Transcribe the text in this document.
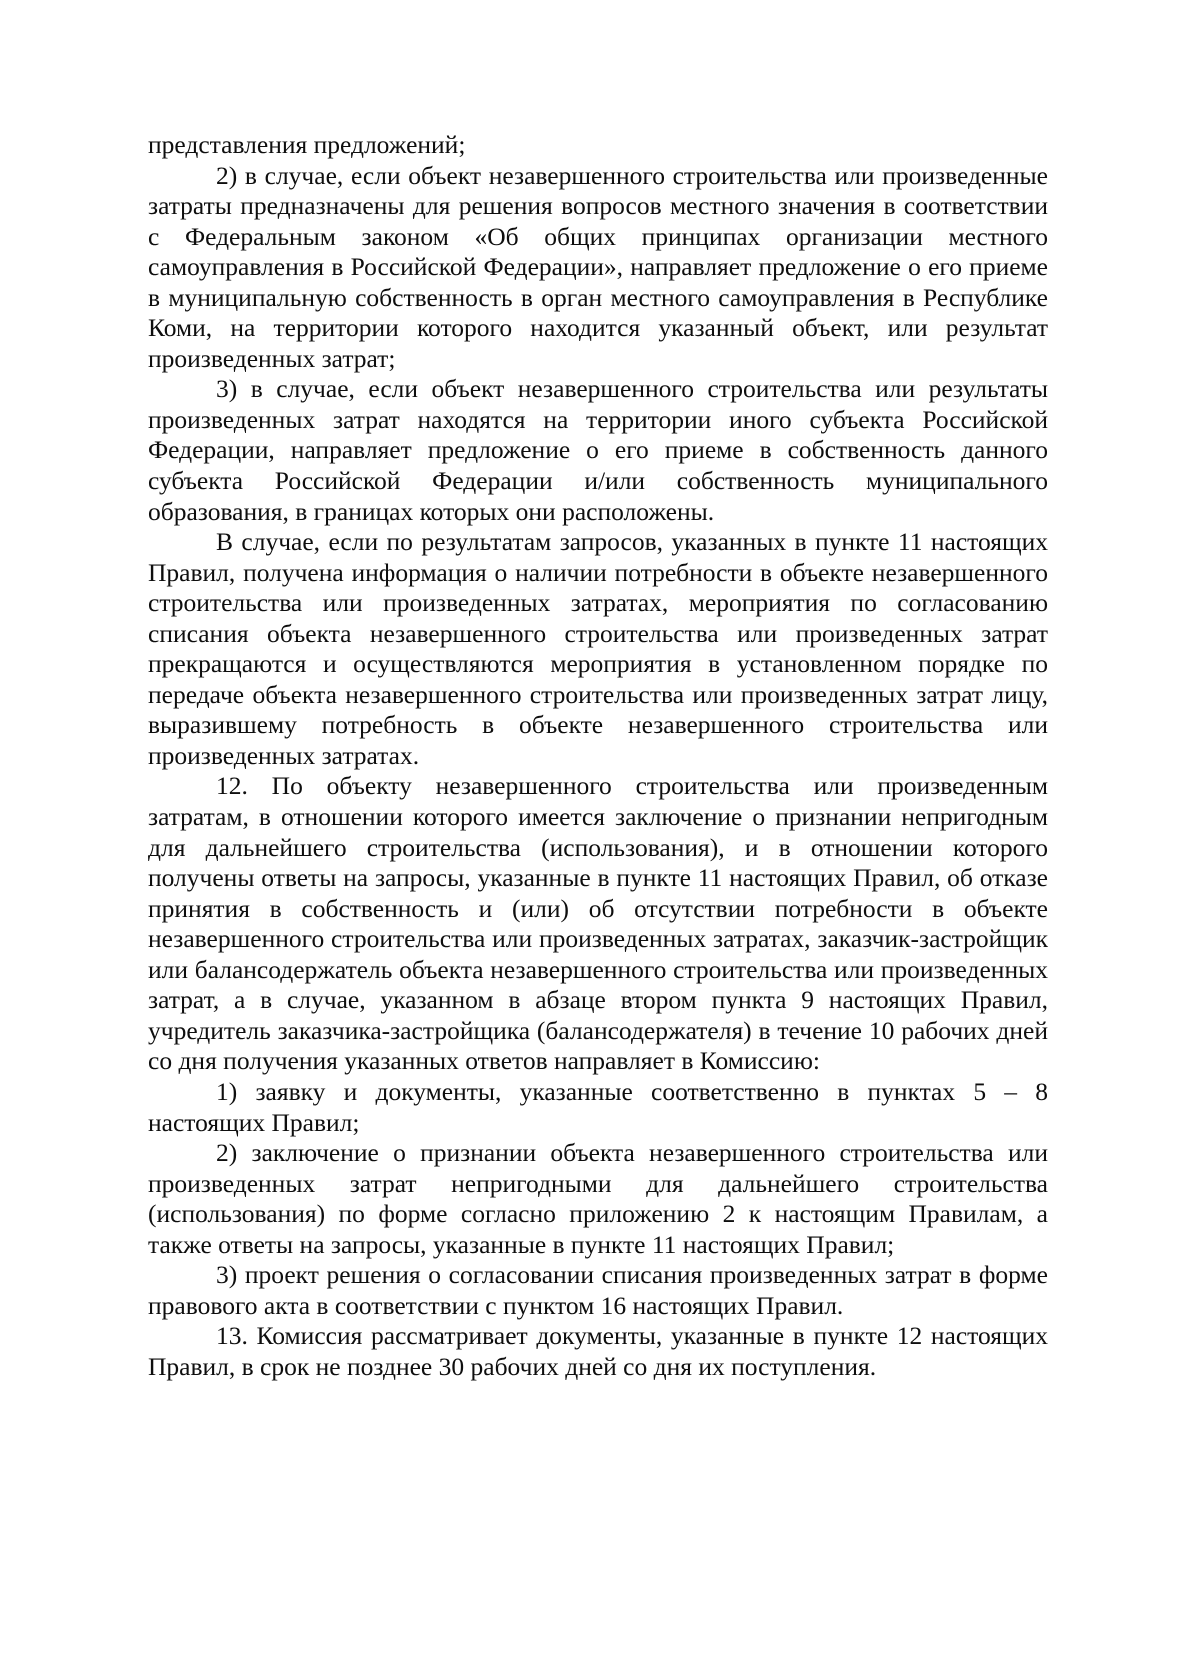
представления предложений;

2) в случае, если объект незавершенного строительства или произведенные затраты предназначены для решения вопросов местного значения в соответствии с Федеральным законом «Об общих принципах организации местного самоуправления в Российской Федерации», направляет предложение о его приеме в муниципальную собственность в орган местного самоуправления в Республике Коми, на территории которого находится указанный объект, или результат произведенных затрат;

3) в случае, если объект незавершенного строительства или результаты произведенных затрат находятся на территории иного субъекта Российской Федерации, направляет предложение о его приеме в собственность данного субъекта Российской Федерации и/или собственность муниципального образования, в границах которых они расположены.

В случае, если по результатам запросов, указанных в пункте 11 настоящих Правил, получена информация о наличии потребности в объекте незавершенного строительства или произведенных затратах, мероприятия по согласованию списания объекта незавершенного строительства или произведенных затрат прекращаются и осуществляются мероприятия в установленном порядке по передаче объекта незавершенного строительства или произведенных затрат лицу, выразившему потребность в объекте незавершенного строительства или произведенных затратах.

12. По объекту незавершенного строительства или произведенным затратам, в отношении которого имеется заключение о признании непригодным для дальнейшего строительства (использования), и в отношении которого получены ответы на запросы, указанные в пункте 11 настоящих Правил, об отказе принятия в собственность и (или) об отсутствии потребности в объекте незавершенного строительства или произведенных затратах, заказчик-застройщик или балансодержатель объекта незавершенного строительства или произведенных затрат, а в случае, указанном в абзаце втором пункта 9 настоящих Правил, учредитель заказчика-застройщика (балансодержателя) в течение 10 рабочих дней со дня получения указанных ответов направляет в Комиссию:

1) заявку и документы, указанные соответственно в пунктах 5 – 8 настоящих Правил;

2) заключение о признании объекта незавершенного строительства или произведенных затрат непригодными для дальнейшего строительства (использования) по форме согласно приложению 2 к настоящим Правилам, а также ответы на запросы, указанные в пункте 11 настоящих Правил;

3) проект решения о согласовании списания произведенных затрат в форме правового акта в соответствии с пунктом 16 настоящих Правил.

13. Комиссия рассматривает документы, указанные в пункте 12 настоящих Правил, в срок не позднее 30 рабочих дней со дня их поступления.
